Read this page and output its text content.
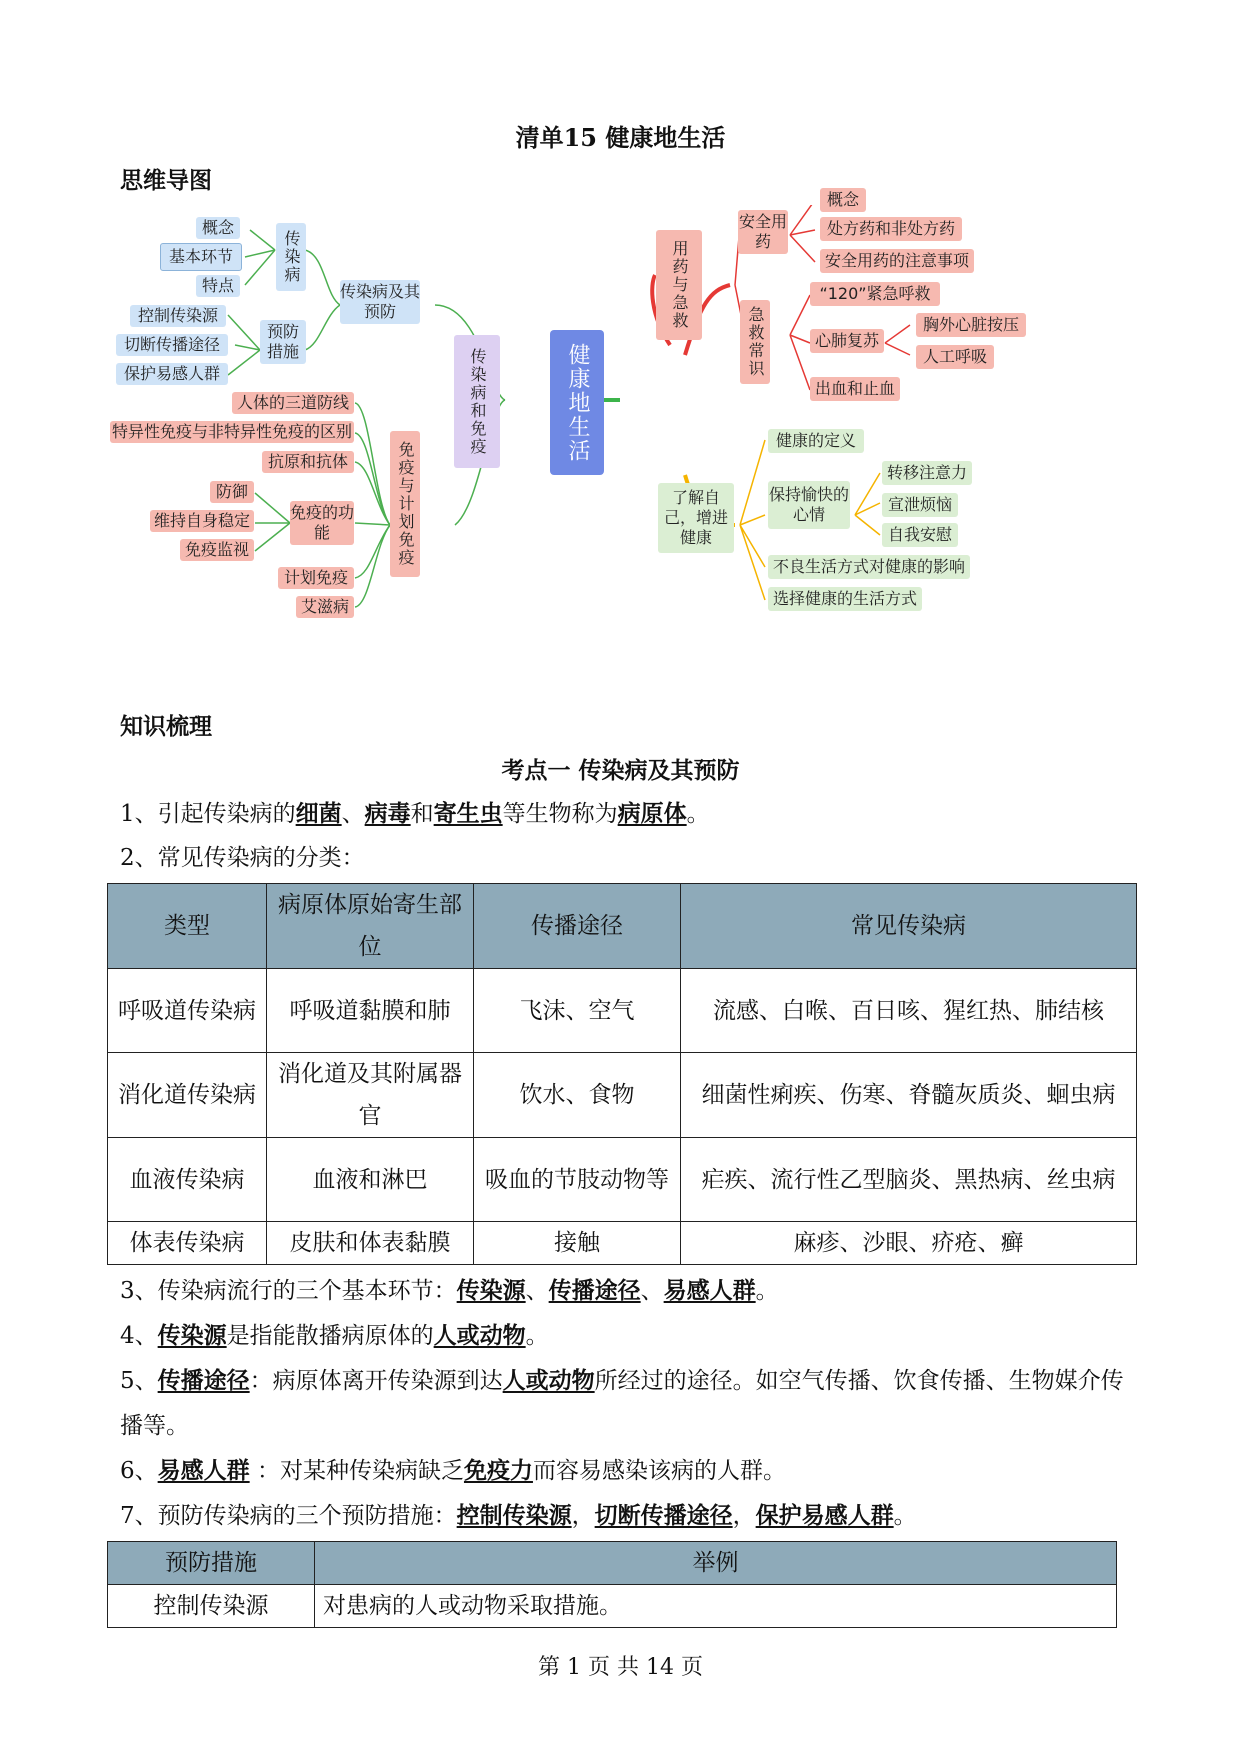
清单15 健康地生活
思维导图
健康地生活
传染病和免疫
传染病及其预防
传染病
概念
基本环节
特点
预防措施
控制传染源
切断传播途径
保护易感人群
免疫与计划免疫
人体的三道防线
特异性免疫与非特异性免疫的区别
抗原和抗体
免疫的功能
防御
维持自身稳定
免疫监视
计划免疫
艾滋病
用药与急救
安全用药
概念
处方药和非处方药
安全用药的注意事项
急救常识
“120”紧急呼救
心肺复苏
胸外心脏按压
人工呼吸
出血和止血
了解自己，增进健康
健康的定义
保持愉快的心情
转移注意力
宣泄烦恼
自我安慰
不良生活方式对健康的影响
选择健康的生活方式
知识梳理
考点一 传染病及其预防
1、引起传染病的细菌、病毒和寄生虫等生物称为病原体。
2、常见传染病的分类：
类型	病原体原始寄生部位	传播途径	常见传染病
呼吸道传染病	呼吸道黏膜和肺	飞沫、空气	流感、白喉、百日咳、猩红热、肺结核
消化道传染病	消化道及其附属器官	饮水、食物	细菌性痢疾、伤寒、脊髓灰质炎、蛔虫病
血液传染病	血液和淋巴	吸血的节肢动物等	疟疾、流行性乙型脑炎、黑热病、丝虫病
体表传染病	皮肤和体表黏膜	接触	麻疹、沙眼、疥疮、癣
3、传染病流行的三个基本环节：传染源、传播途径、易感人群。
4、传染源是指能散播病原体的人或动物。
5、传播途径：病原体离开传染源到达人或动物所经过的途径。如空气传播、饮食传播、生物媒介传播等。
6、易感人群 ：对某种传染病缺乏免疫力而容易感染该病的人群。
7、预防传染病的三个预防措施：控制传染源，切断传播途径，保护易感人群。
预防措施	举例
控制传染源	对患病的人或动物采取措施。
第 1 页 共 14 页
